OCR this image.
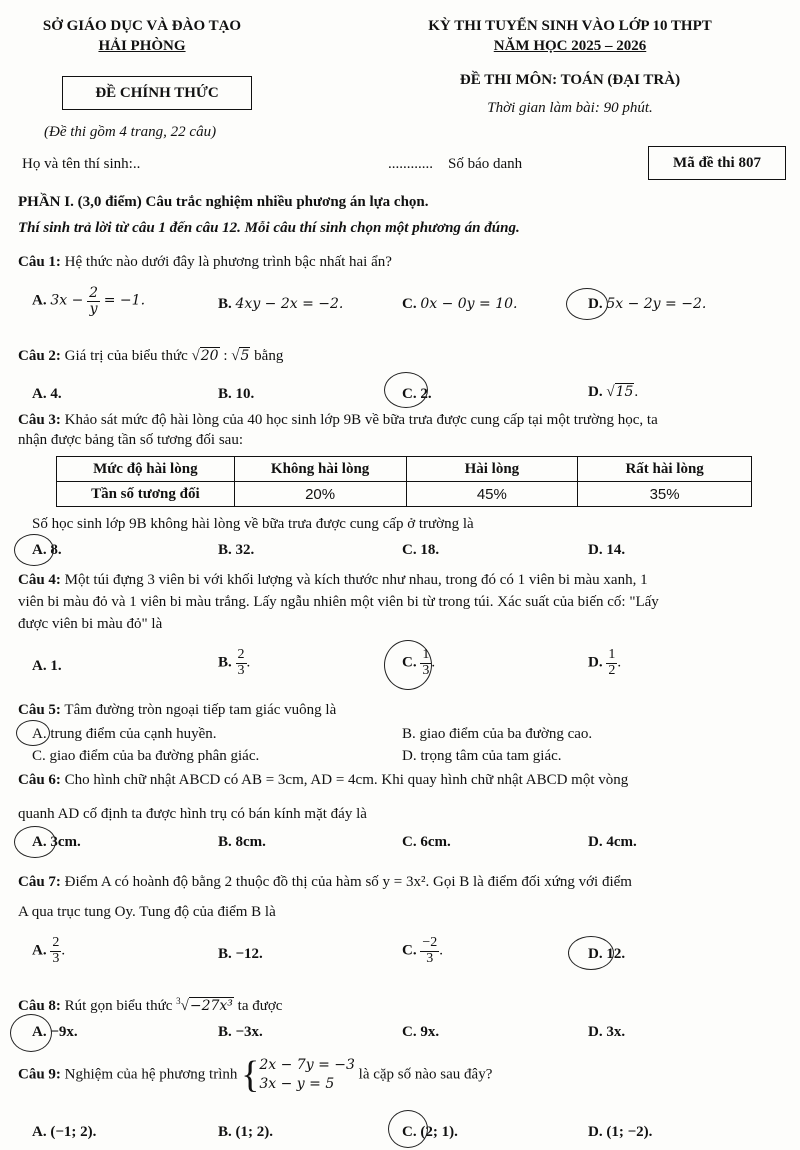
SỞ GIÁO DỤC VÀ ĐÀO TẠO
HẢI PHÒNG
KỲ THI TUYỂN SINH VÀO LỚP 10 THPT
NĂM HỌC 2025 – 2026
ĐỀ CHÍNH THỨC
ĐỀ THI MÔN: TOÁN (ĐẠI TRÀ)
Thời gian làm bài: 90 phút.
(Đề thi gồm 4 trang, 22 câu)
Họ và tên thí sinh:..	............ Số báo danh	Mã đề thi 807
PHẦN I. (3,0 điểm) Câu trắc nghiệm nhiều phương án lựa chọn.
Thí sinh trả lời từ câu 1 đến câu 12. Mỗi câu thí sinh chọn một phương án đúng.
Câu 1: Hệ thức nào dưới đây là phương trình bậc nhất hai ẩn?
A. $3x - \frac{2}{y} = -1$.	B. 4xy − 2x = −2.	C. 0x − 0y = 10.	D. 5x − 2y = −2.
Câu 2: Giá trị của biểu thức √20 : √5 bằng
A. 4.	B. 10.	C. 2.	D. √15.
Câu 3: Khảo sát mức độ hài lòng của 40 học sinh lớp 9B về bữa trưa được cung cấp tại một trường học, ta
nhận được bảng tần số tương đối sau:
Mức độ hài lòng	Không hài lòng	Hài lòng	Rất hài lòng
Tần số tương đối	20%	45%	35%
Số học sinh lớp 9B không hài lòng về bữa trưa được cung cấp ở trường là
A. 8.	B. 32.	C. 18.	D. 14.
Câu 4: Một túi đựng 3 viên bi với khối lượng và kích thước như nhau, trong đó có 1 viên bi màu xanh, 1
viên bi màu đỏ và 1 viên bi màu trắng. Lấy ngẫu nhiên một viên bi từ trong túi. Xác suất của biến cố: "Lấy
được viên bi màu đỏ" là
A. 1.	B. $\frac{2}{3}$ .	C. $\frac{1}{3}$ .	D. $\frac{1}{2}$ .
Câu 5: Tâm đường tròn ngoại tiếp tam giác vuông là
A. trung điểm của cạnh huyền.	B. giao điểm của ba đường cao.
C. giao điểm của ba đường phân giác.	D. trọng tâm của tam giác.
Câu 6: Cho hình chữ nhật ABCD có AB = 3cm, AD = 4cm. Khi quay hình chữ nhật ABCD một vòng
quanh AD cố định ta được hình trụ có bán kính mặt đáy là
A. 3cm.	B. 8cm.	C. 6cm.	D. 4cm.
Câu 7: Điểm A có hoành độ bằng 2 thuộc đồ thị của hàm số y = 3x². Gọi B là điểm đối xứng với điểm
A qua trục tung Oy. Tung độ của điểm B là
A. $\frac{2}{3}$ .	B. −12.	C. $\frac{-2}{3}$ .	D. 12.
Câu 8: Rút gọn biểu thức $^3$√−27x³ ta được
A. −9x.	B. −3x.	C. 9x.	D. 3x.
Câu 9: Nghiệm của hệ phương trình { 2x − 7y = −3
3x − y = 5
là cặp số nào sau đây?
A. (−1; 2).	B. (1; 2).	C. (2; 1).	D. (1; −2).
